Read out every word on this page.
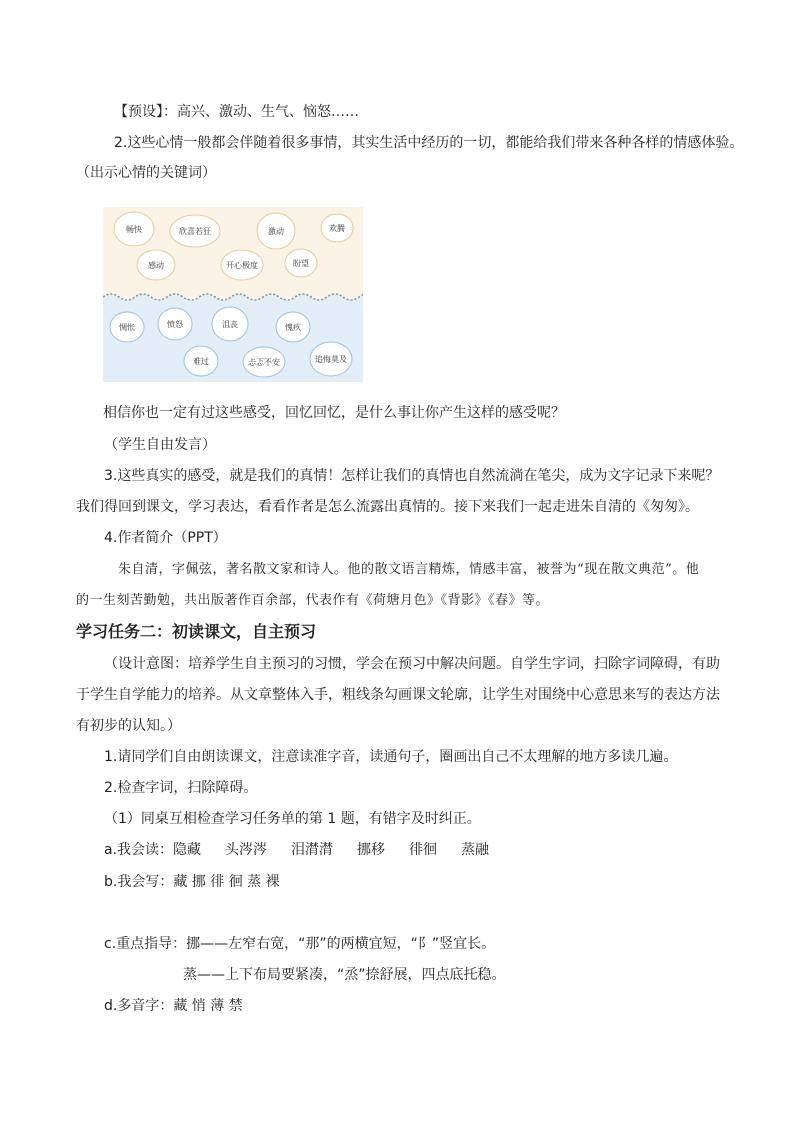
【预设】：高兴、激动、生气、恼怒……
2.这些心情一般都会伴随着很多事情，其实生活中经历的一切，都能给我们带来各种各样的情感体验。
（出示心情的关键词）
畅快	欣喜若狂	激动	欢腾
感动	开心极度	盼望
惆怅	愤怒	沮丧	愧疚
难过	忐忑不安	追悔莫及
相信你也一定有过这些感受，回忆回忆，是什么事让你产生这样的感受呢？
（学生自由发言）
3.这些真实的感受，就是我们的真情！怎样让我们的真情也自然流淌在笔尖，成为文字记录下来呢？
我们得回到课文，学习表达，看看作者是怎么流露出真情的。接下来我们一起走进朱自清的《匆匆》。
4.作者简介（PPT）
朱自清，字佩弦，著名散文家和诗人。他的散文语言精炼，情感丰富，被誉为“现在散文典范”。他
的一生刻苦勤勉，共出版著作百余部，代表作有《荷塘月色》《背影》《春》等。
学习任务二：初读课文，自主预习
（设计意图：培养学生自主预习的习惯，学会在预习中解决问题。自学生字词，扫除字词障碍，有助
于学生自学能力的培养。从文章整体入手，粗线条勾画课文轮廓，让学生对围绕中心意思来写的表达方法
有初步的认知。）
1.请同学们自由朗读课文，注意读准字音，读通句子，圈画出自己不太理解的地方多读几遍。
2.检查字词，扫除障碍。
（1）同桌互相检查学习任务单的第 1 题，有错字及时纠正。
a.我会读：隐藏 头涔涔 泪潸潸 挪移 徘徊 蒸融
b.我会写：藏 挪 徘 徊 蒸 裸
c.重点指导：挪——左窄右宽，“那”的两横宜短，“阝”竖宜长。
蒸——上下布局要紧凑，“烝”捺舒展，四点底托稳。
d.多音字：藏 悄 薄 禁
